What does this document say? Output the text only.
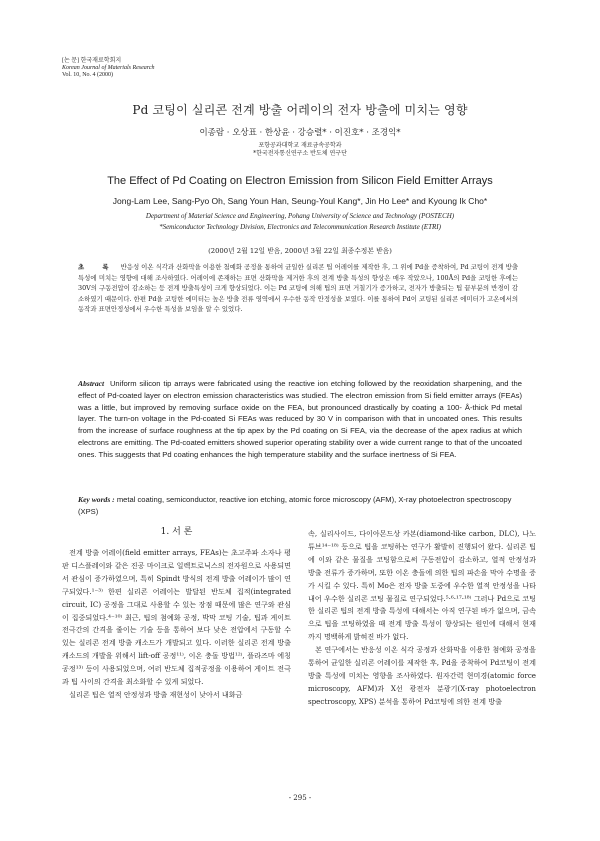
[논 문] 한국재료학회지
Korean Journal of Materials Research
Vol. 10, No. 4 (2000)
Pd 코팅이 실리콘 전계 방출 어레이의 전자 방출에 미치는 영향
이종람 · 오상표 · 한상윤 · 강승렬* · 이진호* · 조경익*
포항공과대학교 재료금속공학과
*한국전자통신연구소 반도체 연구단
The Effect of Pd Coating on Electron Emission from Silicon Field Emitter Arrays
Jong-Lam Lee, Sang-Pyo Oh, Sang Youn Han, Seung-Youl Kang*, Jin Ho Lee* and Kyoung Ik Cho*
Department of Material Science and Engineering, Pohang University of Science and Technology (POSTECH)
*Semiconductor Technology Division, Electronics and Telecommunication Research Institute (ETRI)
(2000년 2월 12일 받음, 2000년 3월 22일 최종수정본 받음)
초 록 반응성 이온 식각과 산화막을 이용한 첨예화 공정을 통하여 균일한 실리콘 팁 어레이를 제작한 후, 그 위에 Pd을 증착하여, Pd 코팅이 전계 방출특성에 미치는 영향에 대해 조사하였다. 어레이에 존재하는 표면 산화막을 제거한 후의 전계 방출 특성의 향상은 매우 작았으나, 100Å의 Pd을 코팅한 후에는 30V의 구동전압이 감소하는 등 전계 방출특성이 크게 향상되었다. 이는 Pd 코팅에 의해 팁의 표면 거칠기가 증가하고, 전자가 방출되는 팁 끝부분의 반경이 감소하였기 때문이다. 한편 Pd을 코팅한 에미터는 높은 방출 전류 영역에서 우수한 동작 안정성을 보였다. 이를 통하여 Pd이 코팅된 실리콘 에미터가 고온에서의 동작과 표면안정성에서 우수한 특성을 보임을 알 수 있었다.
Abstract Uniform silicon tip arrays were fabricated using the reactive ion etching followed by the reoxidation sharpening, and the effect of Pd-coated layer on electron emission characteristics was studied. The electron emission from Si field emitter arrays (FEAs) was a little, but improved by removing surface oxide on the FEA, but pronounced drastically by coating a 100- Å-thick Pd metal layer. The turn-on voltage in the Pd-coated Si FEAs was reduced by 30 V in comparison with that in uncoated ones. This results from the increase of surface roughness at the tip apex by the Pd coating on Si FEA, via the decrease of the apex radius at which electrons are emitting. The Pd-coated emitters showed superior operating stability over a wide current range to that of the uncoated ones. This suggests that Pd coating enhances the high temperature stability and the surface inertness of Si FEA.
Key words : metal coating, semiconductor, reactive ion etching, atomic force microscopy (AFM), X-ray photoelectron spectroscopy (XPS)
1. 서 론
전계 방출 어레이(field emitter arrays, FEAs)는 초고주파 소자나 평판 디스플레이와 같은 진공 마이크로 일렉트로닉스의 전자원으로 사용되면서 관심이 증가하였으며, 특히 Spindt 방식의 전계 방출 어레이가 많이 연구되었다.¹⁻³⁾ 한편 실리콘 어레이는 발달된 반도체 집적(integrated circuit, IC) 공정을 그대로 사용할 수 있는 장점 때문에 많은 연구와 관심이 집중되었다.⁴⁻¹⁰⁾ 최근, 팁의 첨예화 공정, 박막 코팅 기술, 팁과 게이트 전극간의 간격을 줄이는 기술 등을 통하여 보다 낮은 전압에서 구동할 수 있는 실리콘 전계 방출 캐소드가 개발되고 있다. 이러한 실리콘 전계 방출 캐소드의 개발을 위해서 lift-off 공정¹¹⁾, 이온 충돌 방법¹²⁾, 플라즈마 에칭 공정¹³⁾ 등이 사용되었으며, 여러 반도체 집적공정을 이용하여 게이트 전극과 팁 사이의 간격을 최소화할 수 있게 되었다.
실리콘 팁은 열적 안정성과 방출 재현성이 낮아서 내화금
속, 실리사이드, 다이아몬드상 카본(diamond-like carbon, DLC), 나노튜브¹⁴⁻¹⁸⁾ 등으로 팁을 코팅하는 연구가 활발히 진행되어 왔다. 실리콘 팁에 이와 같은 물질을 코팅함으로써 구동전압이 감소하고, 열적 안정성과 방출 전류가 증가하며, 또한 이온 충돌에 의한 팁의 파손을 막아 수명을 증가 시킬 수 있다. 특히 Mo은 전자 방출 도중에 우수한 열적 안정성을 나타내어 우수한 실리콘 코팅 물질로 연구되었다.⁵·⁶·¹⁷·¹⁸⁾ 그러나 Pd으로 코팅한 실리콘 팁의 전계 방출 특성에 대해서는 아직 연구된 바가 없으며, 금속으로 팁을 코팅하였을 때 전계 방출 특성이 향상되는 원인에 대해서 현재까지 명백하게 밝혀진 바가 없다.
본 연구에서는 반응성 이온 식각 공정과 산화막을 이용한 첨예화 공정을 통하여 균일한 실리콘 어레이를 제작한 후, Pd을 증착하여 Pd코팅이 전계 방출 특성에 미치는 영향을 조사하였다. 원자간력 현미경(atomic force microscopy, AFM)과 X선 광전자 분광기(X-ray photoelectron spectroscopy, XPS) 분석을 통하여 Pd코팅에 의한 전계 방출
- 295 -
